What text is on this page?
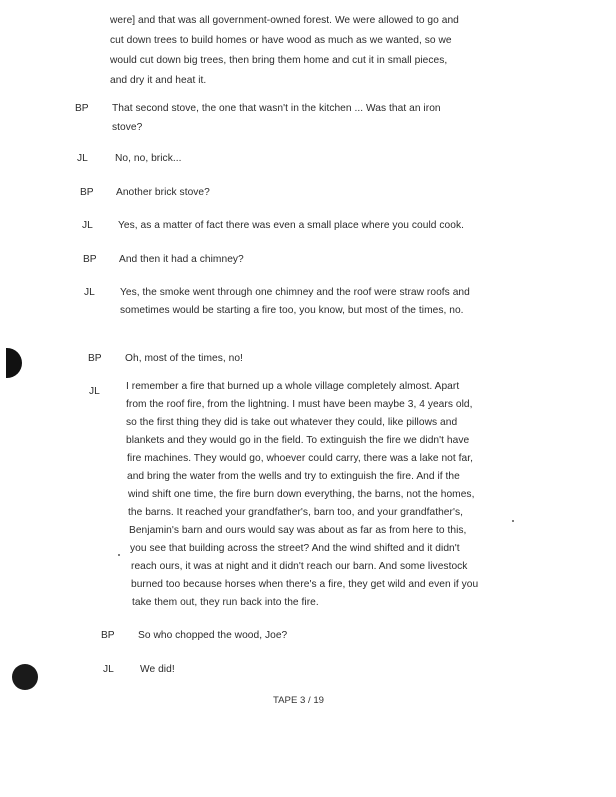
were] and that was all government-owned forest. We were allowed to go and
cut down trees to build homes or have wood as much as we wanted, so we
would cut down big trees, then bring them home and cut it in small pieces,
and dry it and heat it.
BP That second stove, the one that wasn't in the kitchen ... Was that an iron
stove?
JL	No, no, brick...
BP Another brick stove?
JL Yes, as a matter of fact there was even a small place where you could cook.
BP And then it had a chimney?
JL Yes, the smoke went through one chimney and the roof were straw roofs and
sometimes would be starting a fire too, you know, but most of the times, no.
BP Oh, most of the times, no!
JL	I remember a fire that burned up a whole village completely almost. Apart
from the roof fire, from the lightning. I must have been maybe 3, 4 years old,
so the first thing they did is take out whatever they could, like pillows and
blankets and they would go in the field. To extinguish the fire we didn't have
fire machines. They would go, whoever could carry, there was a lake not far,
and bring the water from the wells and try to extinguish the fire. And if the
wind shift one time, the fire burn down everything, the barns, not the homes,
the barns. It reached your grandfather's, barn too, and your grandfather's,
Benjamin's barn and ours would say was about as far as from here to this,
you see that building across the street? And the wind shifted and it didn't
reach ours, it was at night and it didn't reach our barn. And some livestock
burned too because horses when there's a fire, they get wild and even if you
take them out, they run back into the fire.
BP So who chopped the wood, Joe?
JL	We did!
TAPE 3 / 19
